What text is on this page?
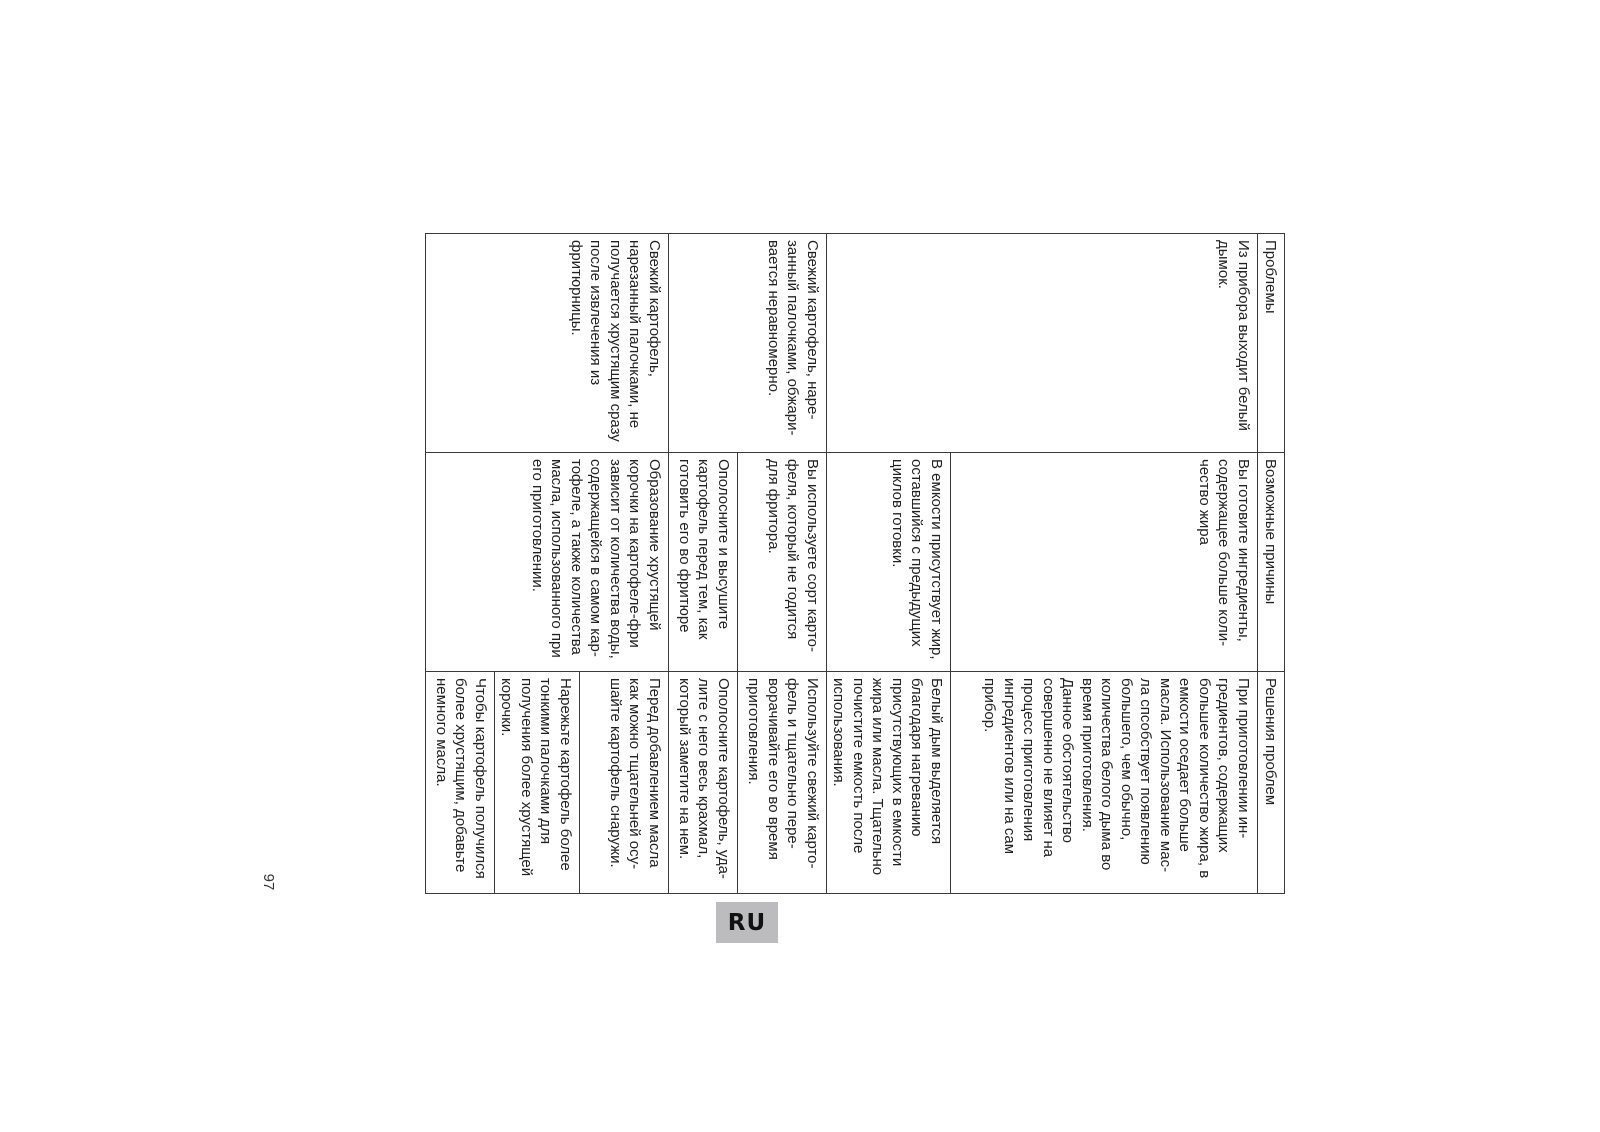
Проблемы	Возможные причины	Решения проблем
Из прибора выходит белый дымок.	Вы готовите ингредиенты, содержащее больше коли-чество жира	При приготовлении ин-гредиентов, содержащих большее количество жира, в емкости оседает больше масла. Использование мас-ла спсобствует появлению большего, чем обычно, количества белого дыма во время приготовления. Данное обстоятельство совершенно не влияет на процесс приготовления ингредиентов или на сам прибор.
	В емкости присутствует жир, оставшийся с предыдущих циклов готовки.	Белый дым выделяется благодаря нагреванию присутствующих в емкости жира или масла. Тщательно почистите емкость после использования.
Свежий картофель, наре-занный палочками, обжари-вается неравномерно.	Вы используете сорт карто-феля, который не годится для фритора.	Используйте свежий карто-фель и тщательно пере-ворачивайте его во время приготовления.
	Ополосните и высушите картофель перед тем, как готовить его во фритюре	Ополосните картофель, уда-лите с него весь крахмал, который заметите на нем.
Свежий картофель, нарезанный палочками, не получается хрустящим сразу после извлечения из фритюрницы.	Образование хрустящей корочки на картофеле-фри зависит от количества воды, содержащейся в самом кар-тофеле, а также количества масла, использованного при его приготовлении.	Перед добавлением масла как можно тщательней осу-шайте картофель снаружи.
		Нарежьте картофель более тонкими палочками для получения более хрустящей корочки.
		Чтобы картофель получился более хрустящим, добавьте немного масла.
RU
97
